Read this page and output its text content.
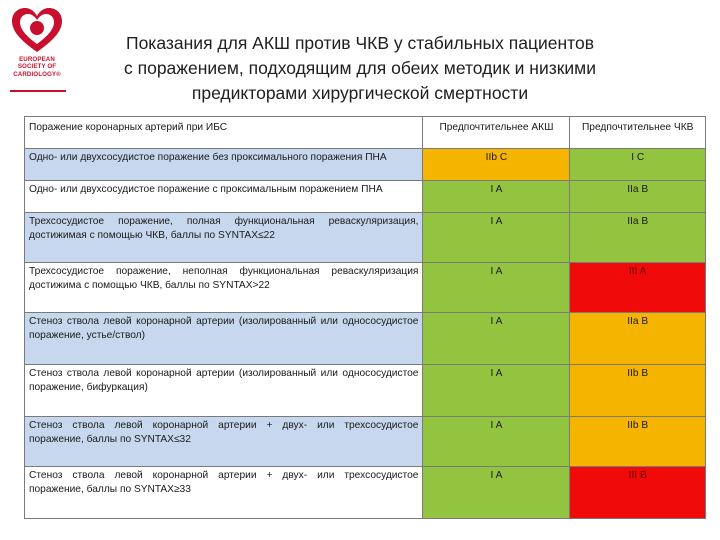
EUROPEAN
SOCIETY OF
CARDIOLOGY®
Показания для АКШ против ЧКВ у стабильных пациентов
с поражением, подходящим для обеих методик и низкими
предикторами хирургической смертности
Поражение коронарных артерий при ИБС	Предпочтительнее АКШ	Предпочтительнее ЧКВ
Одно- или двухсосудистое поражение без проксимального поражения ПНА	IIb C	I C
Одно- или двухсосудистое поражение с проксимальным поражением ПНА	I A	IIa B
Трехсосудистое поражение, полная функциональная реваскуляризация, достижимая с помощью ЧКВ, баллы по SYNTAX≤22	I A	IIa B
Трехсосудистое поражение, неполная функциональная реваскуляризация достижима с помощью ЧКВ, баллы по SYNTAX>22	I A	III A
Стеноз ствола левой коронарной артерии (изолированный или однососудистое поражение, устье/ствол)	I A	IIa B
Стеноз ствола левой коронарной артерии (изолированный или однососудистое поражение, бифуркация)	I A	IIb B
Стеноз ствола левой коронарной артерии + двух- или трехсосудистое поражение, баллы по SYNTAX≤32	I A	IIb B
Стеноз ствола левой коронарной артерии + двух- или трехсосудистое поражение, баллы по SYNTAX≥33	I A	III B
